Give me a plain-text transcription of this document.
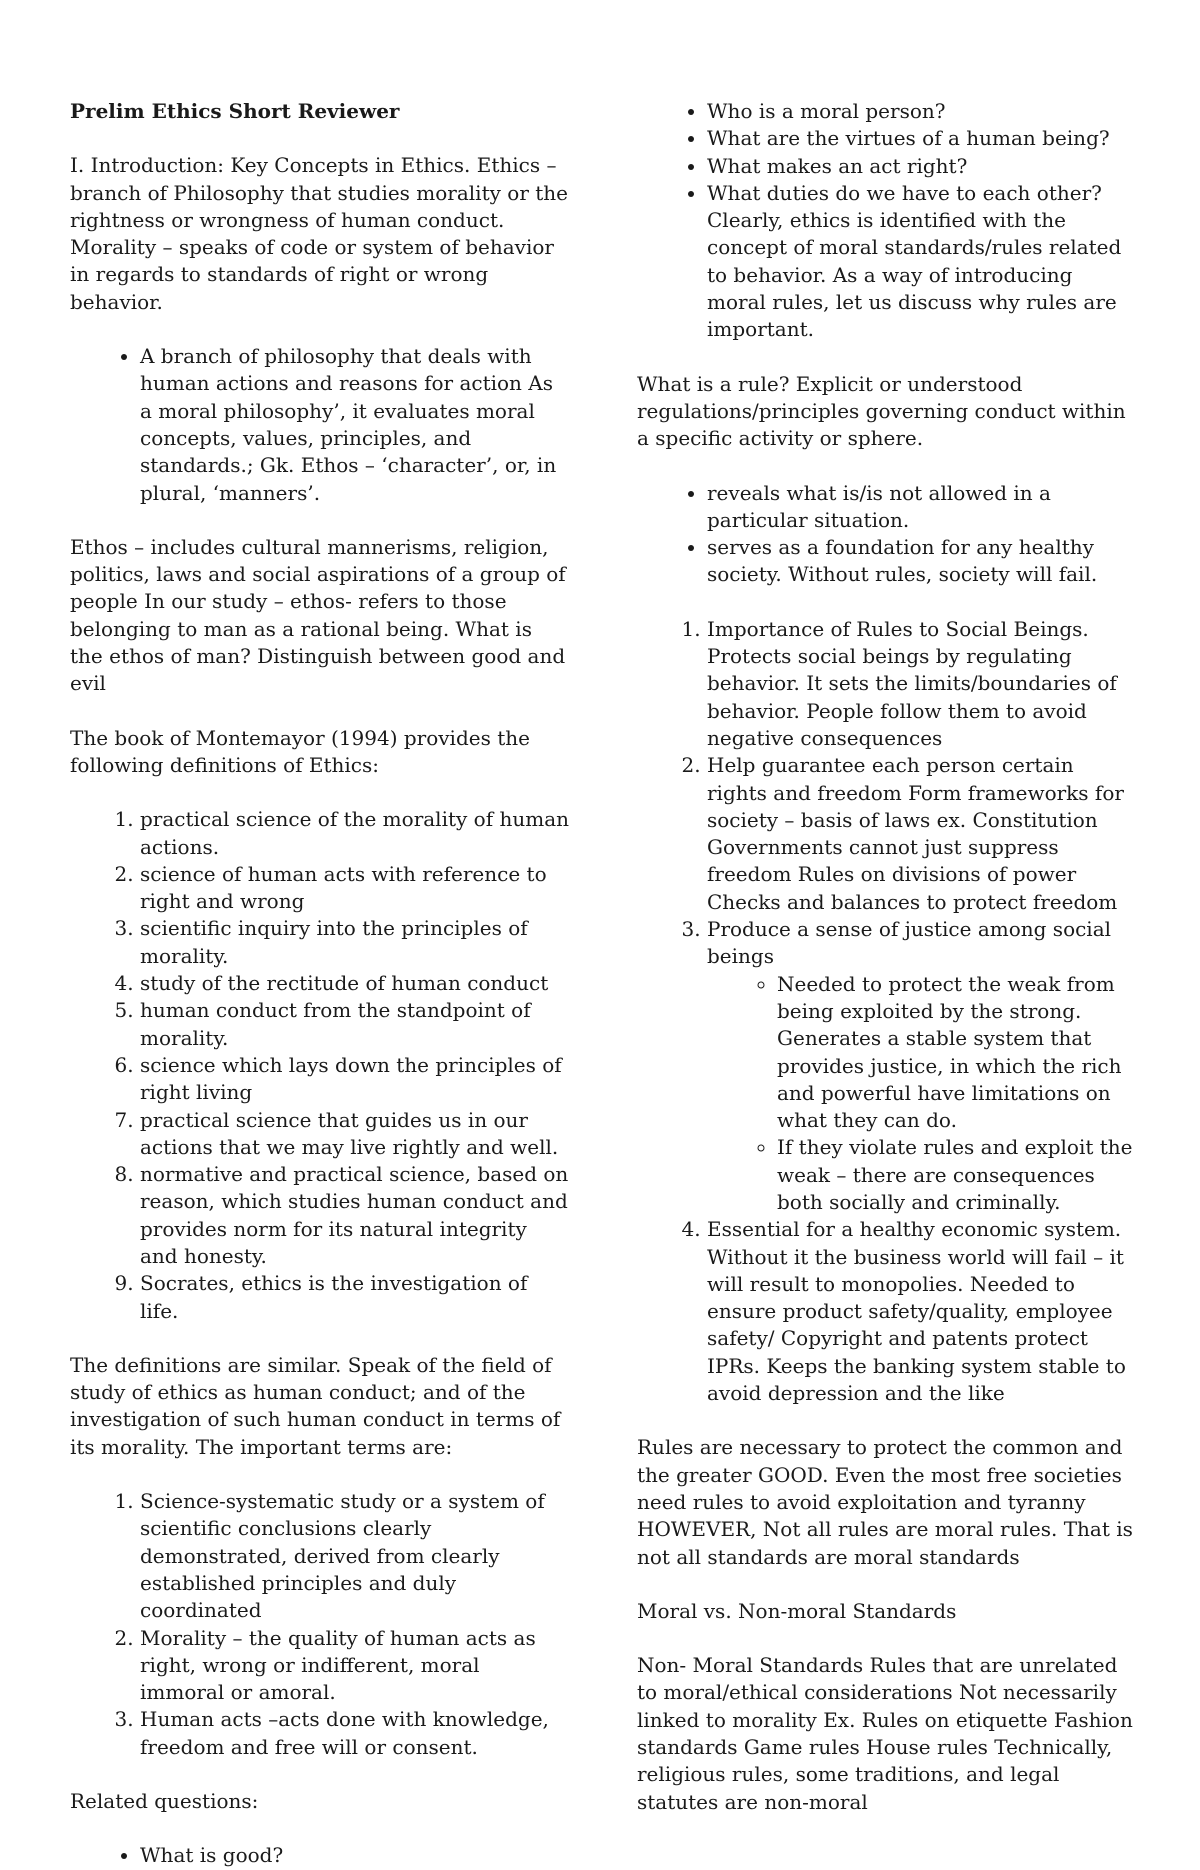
Prelim Ethics Short Reviewer

I. Introduction: Key Concepts in Ethics. Ethics – branch of Philosophy that studies morality or the rightness or wrongness of human conduct. Morality – speaks of code or system of behavior in regards to standards of right or wrong behavior.

• A branch of philosophy that deals with human actions and reasons for action As a moral philosophy’, it evaluates moral concepts, values, principles, and standards.; Gk. Ethos – ‘character’, or, in plural, ‘manners’.

Ethos – includes cultural mannerisms, religion, politics, laws and social aspirations of a group of people In our study – ethos- refers to those belonging to man as a rational being. What is the ethos of man? Distinguish between good and evil

The book of Montemayor (1994) provides the following definitions of Ethics:

1. practical science of the morality of human actions.
2. science of human acts with reference to right and wrong
3. scientific inquiry into the principles of morality.
4. study of the rectitude of human conduct
5. human conduct from the standpoint of morality.
6. science which lays down the principles of right living
7. practical science that guides us in our actions that we may live rightly and well.
8. normative and practical science, based on reason, which studies human conduct and provides norm for its natural integrity and honesty.
9. Socrates, ethics is the investigation of life.

The definitions are similar. Speak of the field of study of ethics as human conduct; and of the investigation of such human conduct in terms of its morality. The important terms are:

1. Science-systematic study or a system of scientific conclusions clearly demonstrated, derived from clearly established principles and duly coordinated
2. Morality – the quality of human acts as right, wrong or indifferent, moral immoral or amoral.
3. Human acts –acts done with knowledge, freedom and free will or consent.

Related questions:

• What is good?
• Who is a moral person?
• What are the virtues of a human being?
• What makes an act right?
• What duties do we have to each other? Clearly, ethics is identified with the concept of moral standards/rules related to behavior. As a way of introducing moral rules, let us discuss why rules are important.

What is a rule? Explicit or understood regulations/principles governing conduct within a specific activity or sphere.

• reveals what is/is not allowed in a particular situation.
• serves as a foundation for any healthy society. Without rules, society will fail.
1. Importance of Rules to Social Beings. Protects social beings by regulating behavior. It sets the limits/boundaries of behavior. People follow them to avoid negative consequences
2. Help guarantee each person certain rights and freedom Form frameworks for society – basis of laws ex. Constitution Governments cannot just suppress freedom Rules on divisions of power Checks and balances to protect freedom
3. Produce a sense of justice among social beings
◦ Needed to protect the weak from being exploited by the strong. Generates a stable system that provides justice, in which the rich and powerful have limitations on what they can do.
◦ If they violate rules and exploit the weak – there are consequences both socially and criminally.
4. Essential for a healthy economic system. Without it the business world will fail – it will result to monopolies. Needed to ensure product safety/quality, employee safety/ Copyright and patents protect IPRs. Keeps the banking system stable to avoid depression and the like

Rules are necessary to protect the common and the greater GOOD. Even the most free societies need rules to avoid exploitation and tyranny HOWEVER, Not all rules are moral rules. That is not all standards are moral standards

Moral vs. Non-moral Standards

Non- Moral Standards Rules that are unrelated to moral/ethical considerations Not necessarily linked to morality Ex. Rules on etiquette Fashion standards Game rules House rules Technically, religious rules, some traditions, and legal statutes are non-moral
